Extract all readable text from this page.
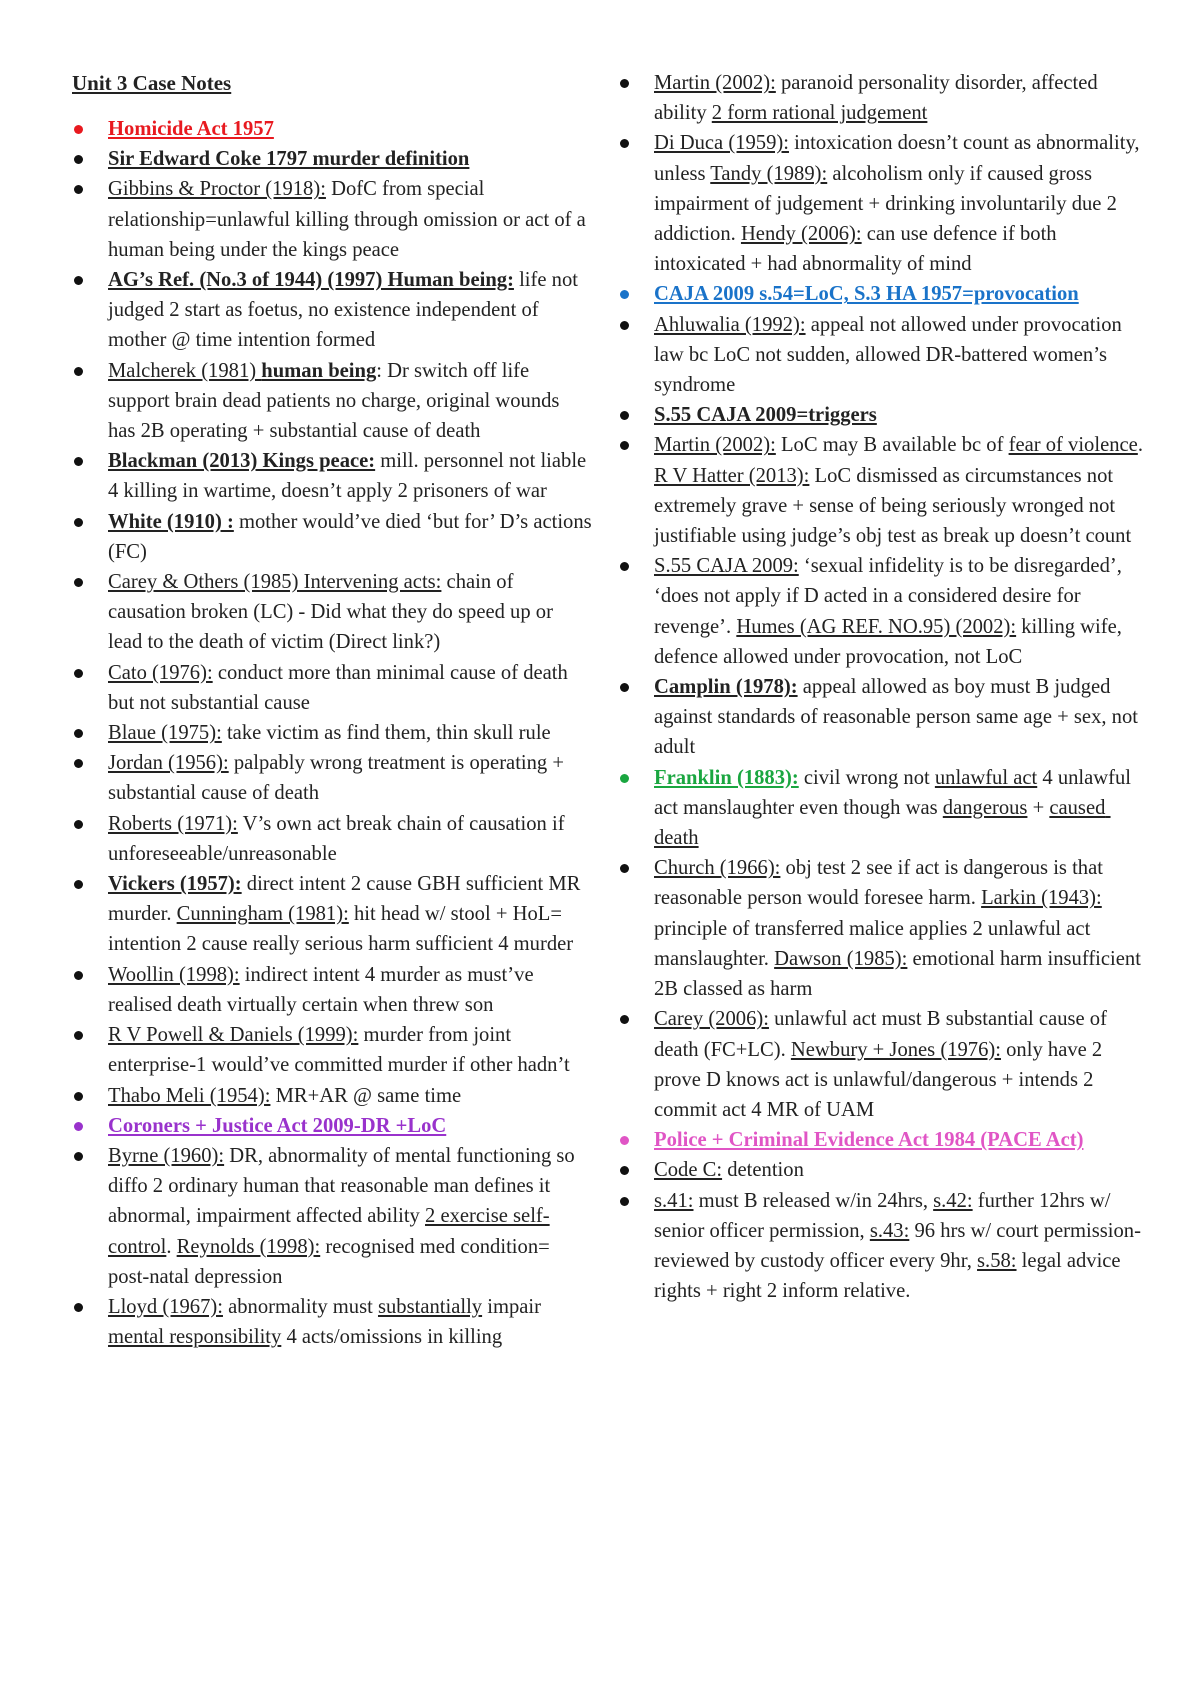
Unit 3 Case Notes
Homicide Act 1957
Sir Edward Coke 1797 murder definition
Gibbins & Proctor (1918): DofC from special relationship=unlawful killing through omission or act of a human being under the kings peace
AG’s Ref. (No.3 of 1944) (1997) Human being: life not judged 2 start as foetus, no existence independent of mother @ time intention formed
Malcherek (1981) human being: Dr switch off life support brain dead patients no charge, original wounds has 2B operating + substantial cause of death
Blackman (2013) Kings peace: mill. personnel not liable 4 killing in wartime, doesn’t apply 2 prisoners of war
White (1910) : mother would’ve died ‘but for’ D’s actions (FC)
Carey & Others (1985) Intervening acts: chain of causation broken (LC) - Did what they do speed up or lead to the death of victim (Direct link?)
Cato (1976): conduct more than minimal cause of death but not substantial cause
Blaue (1975): take victim as find them, thin skull rule
Jordan (1956): palpably wrong treatment is operating + substantial cause of death
Roberts (1971): V’s own act break chain of causation if unforeseeable/unreasonable
Vickers (1957): direct intent 2 cause GBH sufficient MR murder. Cunningham (1981): hit head w/ stool + HoL= intention 2 cause really serious harm sufficient 4 murder
Woollin (1998): indirect intent 4 murder as must’ve realised death virtually certain when threw son
R V Powell & Daniels (1999): murder from joint enterprise-1 would’ve committed murder if other hadn’t
Thabo Meli (1954): MR+AR @ same time
Coroners + Justice Act 2009-DR +LoC
Byrne (1960): DR, abnormality of mental functioning so diffo 2 ordinary human that reasonable man defines it abnormal, impairment affected ability 2 exercise self-control. Reynolds (1998): recognised med condition= post-natal depression
Lloyd (1967): abnormality must substantially impair mental responsibility 4 acts/omissions in killing
Martin (2002): paranoid personality disorder, affected ability 2 form rational judgement
Di Duca (1959): intoxication doesn’t count as abnormality, unless Tandy (1989): alcoholism only if caused gross impairment of judgement + drinking involuntarily due 2 addiction. Hendy (2006): can use defence if both intoxicated + had abnormality of mind
CAJA 2009 s.54=LoC, S.3 HA 1957=provocation
Ahluwalia (1992): appeal not allowed under provocation law bc LoC not sudden, allowed DR-battered women’s syndrome
S.55 CAJA 2009=triggers
Martin (2002): LoC may B available bc of fear of violence. R V Hatter (2013): LoC dismissed as circumstances not extremely grave + sense of being seriously wronged not justifiable using judge’s obj test as break up doesn’t count
S.55 CAJA 2009: ‘sexual infidelity is to be disregarded’, ‘does not apply if D acted in a considered desire for revenge’. Humes (AG REF. NO.95) (2002): killing wife, defence allowed under provocation, not LoC
Camplin (1978): appeal allowed as boy must B judged against standards of reasonable person same age + sex, not adult
Franklin (1883): civil wrong not unlawful act 4 unlawful act manslaughter even though was dangerous + caused death
Church (1966): obj test 2 see if act is dangerous is that reasonable person would foresee harm. Larkin (1943): principle of transferred malice applies 2 unlawful act manslaughter. Dawson (1985): emotional harm insufficient 2B classed as harm
Carey (2006): unlawful act must B substantial cause of death (FC+LC). Newbury + Jones (1976): only have 2 prove D knows act is unlawful/dangerous + intends 2 commit act 4 MR of UAM
Police + Criminal Evidence Act 1984 (PACE Act)
Code C: detention
s.41: must B released w/in 24hrs, s.42: further 12hrs w/ senior officer permission, s.43: 96 hrs w/ court permission-reviewed by custody officer every 9hr, s.58: legal advice rights + right 2 inform relative.
